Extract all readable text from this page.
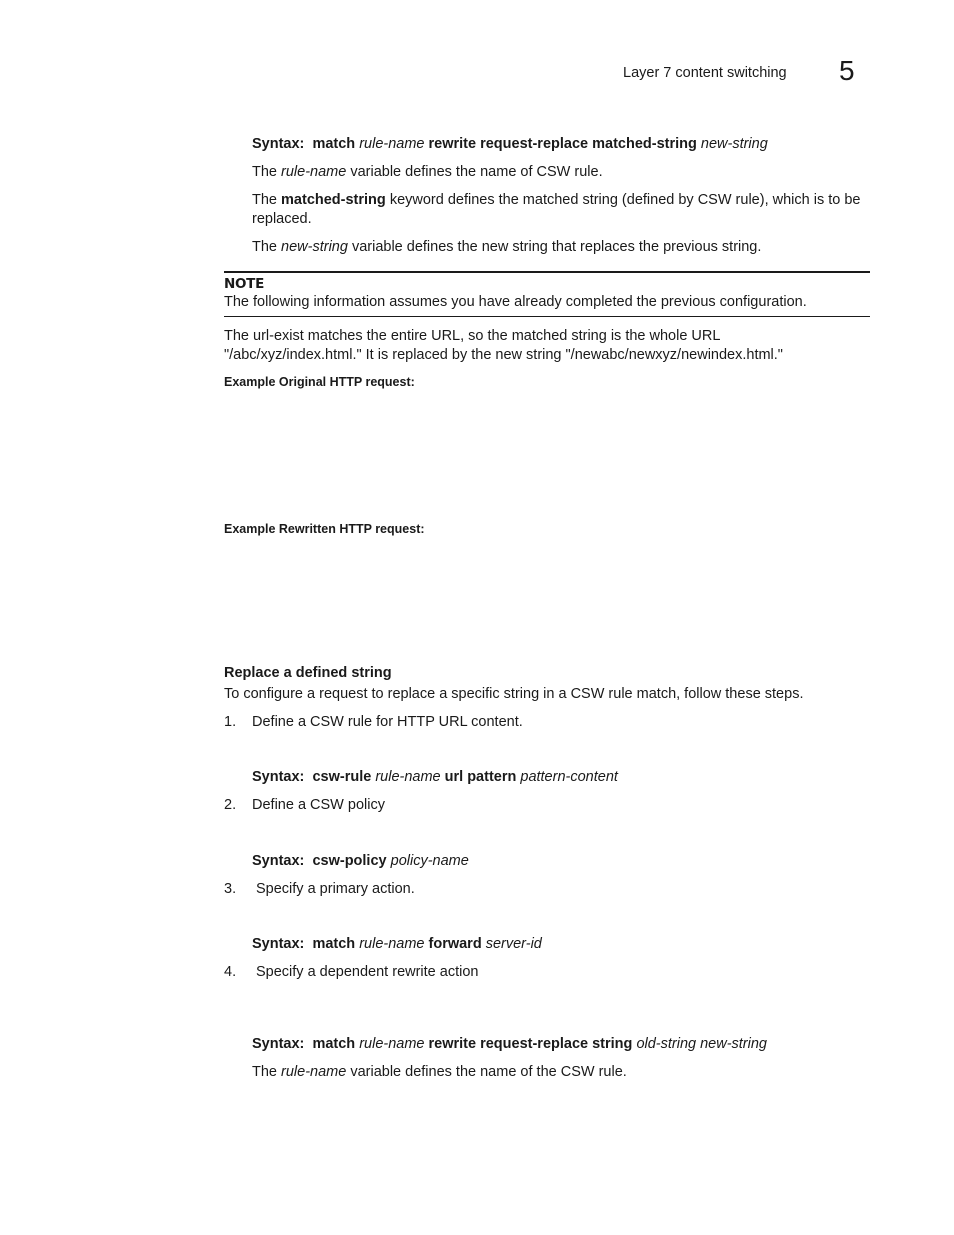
Layer 7 content switching 5
Syntax: match rule-name rewrite request-replace matched-string new-string
The rule-name variable defines the name of CSW rule.
The matched-string keyword defines the matched string (defined by CSW rule), which is to be replaced.
The new-string variable defines the new string that replaces the previous string.
NOTE
The following information assumes you have already completed the previous configuration.
The url-exist matches the entire URL, so the matched string is the whole URL
"/abc/xyz/index.html." It is replaced by the new string "/newabc/newxyz/newindex.html."
Example Original HTTP request:
Example Rewritten HTTP request:
Replace a defined string
To configure a request to replace a specific string in a CSW rule match, follow these steps.
1. Define a CSW rule for HTTP URL content.
Syntax: csw-rule rule-name url pattern pattern-content
2. Define a CSW policy
Syntax: csw-policy policy-name
3. Specify a primary action.
Syntax: match rule-name forward server-id
4. Specify a dependent rewrite action
Syntax: match rule-name rewrite request-replace string old-string new-string
The rule-name variable defines the name of the CSW rule.
